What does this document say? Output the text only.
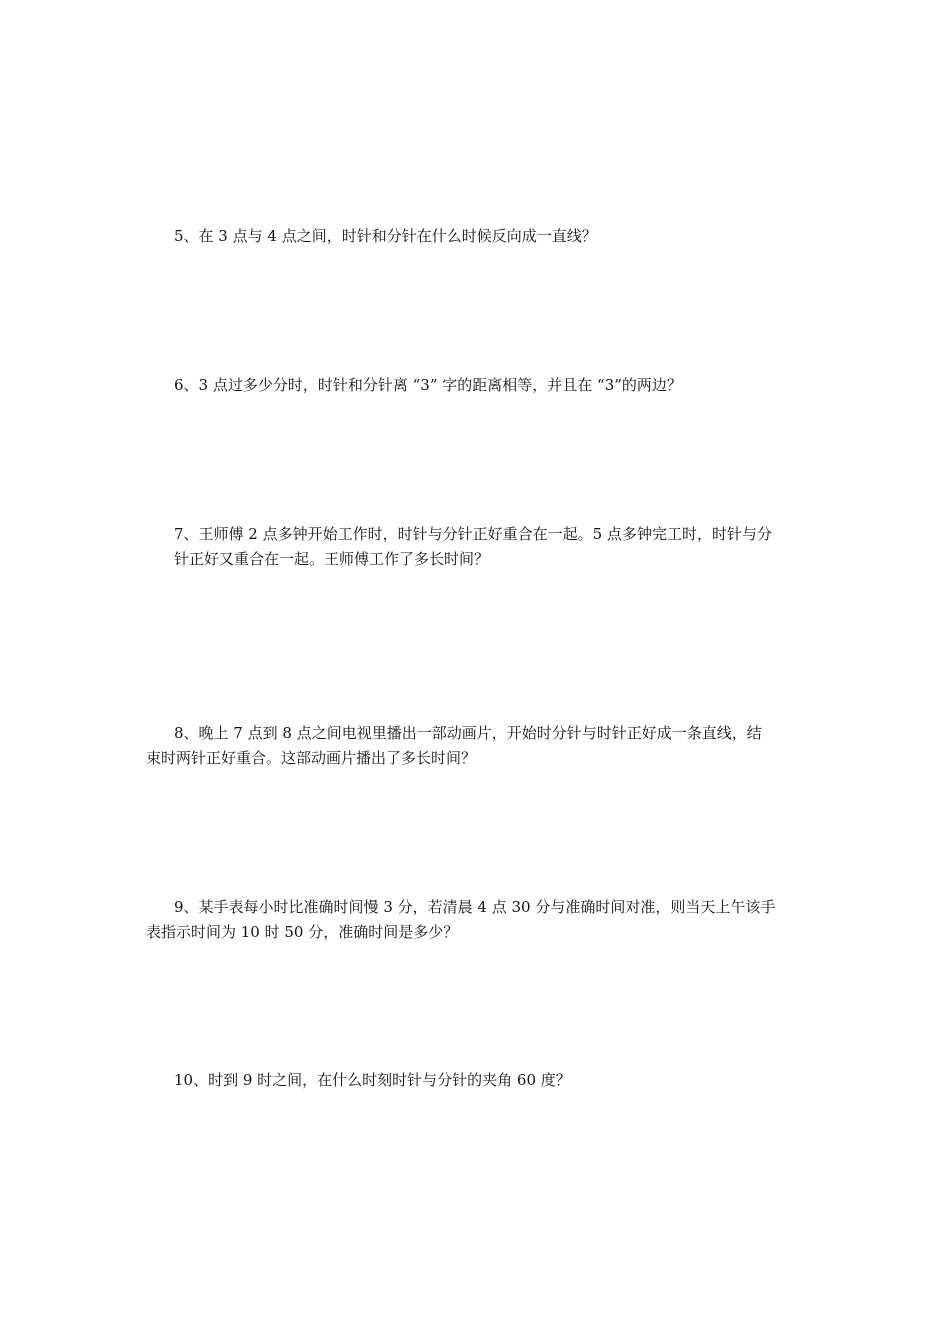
5、在 3 点与 4 点之间，时针和分针在什么时候反向成一直线？

6、3 点过多少分时，时针和分针离 “3” 字的距离相等，并且在 “3”的两边？

7、王师傅 2 点多钟开始工作时，时针与分针正好重合在一起。5 点多钟完工时，时针与分
针正好又重合在一起。王师傅工作了多长时间？

8、晚上 7 点到 8 点之间电视里播出一部动画片，开始时分针与时针正好成一条直线，结
束时两针正好重合。这部动画片播出了多长时间？

9、某手表每小时比准确时间慢 3 分，若清晨 4 点 30 分与准确时间对准，则当天上午该手
表指示时间为 10 时 50 分，准确时间是多少？

10、时到 9 时之间，在什么时刻时针与分针的夹角 60 度？
